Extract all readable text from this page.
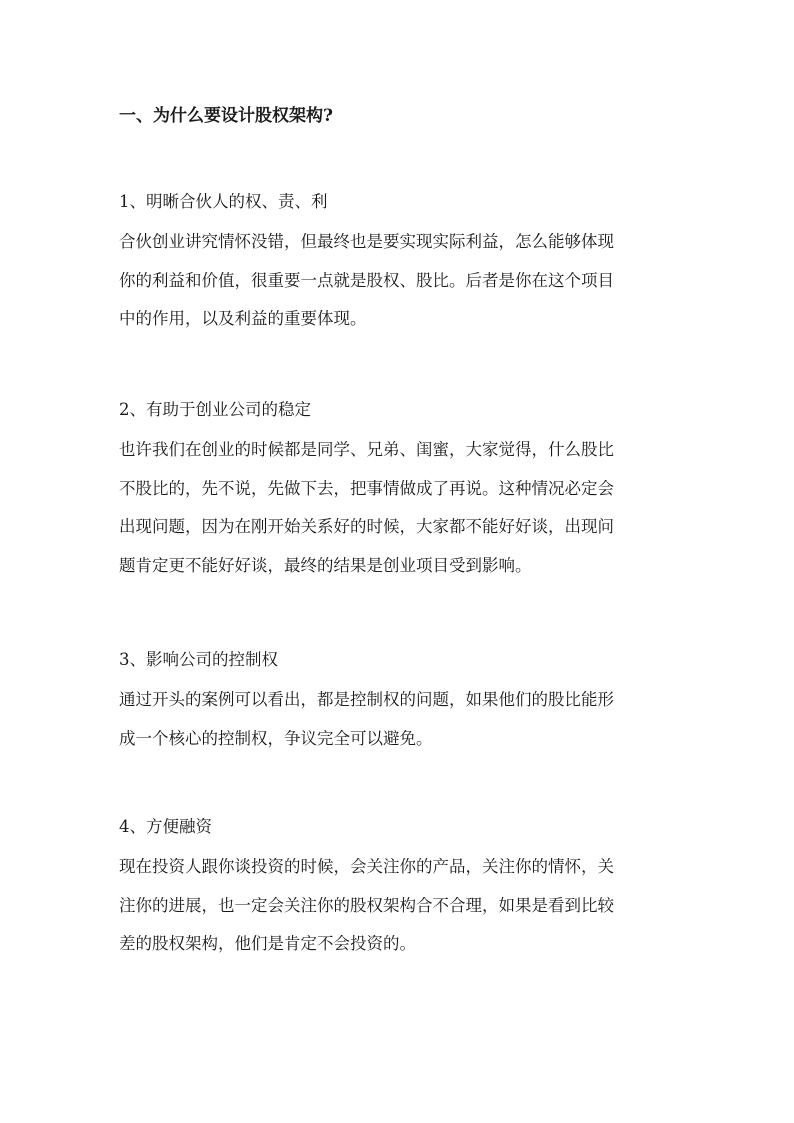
一、为什么要设计股权架构?
1、明晰合伙人的权、责、利
合伙创业讲究情怀没错，但最终也是要实现实际利益，怎么能够体现
你的利益和价值，很重要一点就是股权、股比。后者是你在这个项目
中的作用，以及利益的重要体现。
2、有助于创业公司的稳定
也许我们在创业的时候都是同学、兄弟、闺蜜，大家觉得，什么股比
不股比的，先不说，先做下去，把事情做成了再说。这种情况必定会
出现问题，因为在刚开始关系好的时候，大家都不能好好谈，出现问
题肯定更不能好好谈，最终的结果是创业项目受到影响。
3、影响公司的控制权
通过开头的案例可以看出，都是控制权的问题，如果他们的股比能形
成一个核心的控制权，争议完全可以避免。
4、方便融资
现在投资人跟你谈投资的时候，会关注你的产品，关注你的情怀，关
注你的进展，也一定会关注你的股权架构合不合理，如果是看到比较
差的股权架构，他们是肯定不会投资的。
